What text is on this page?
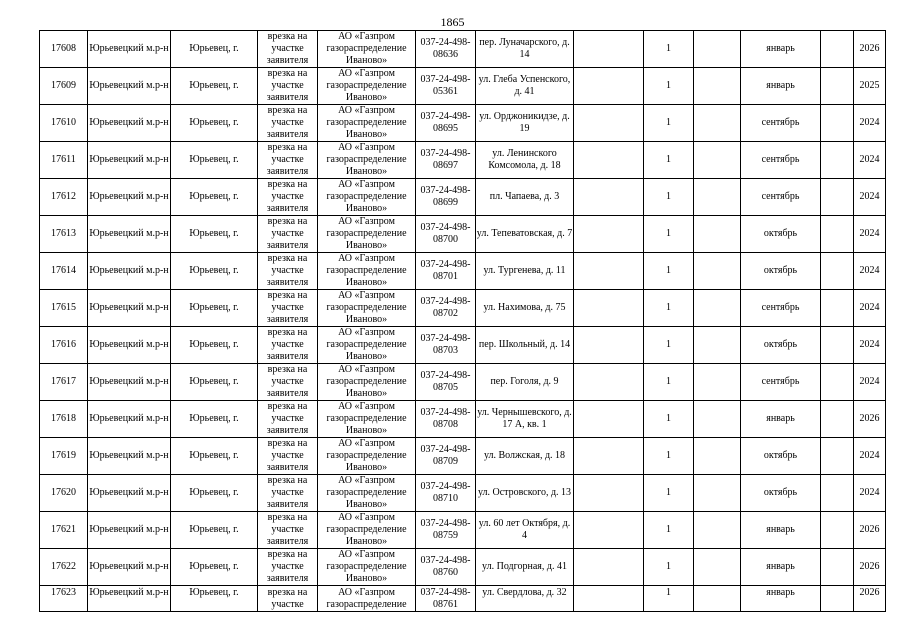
1865
17608	Юрьевецкий м.р-н	Юрьевец, г.	врезка на участке заявителя	АО «Газпром газораспределение Иваново»	037-24-498-08636	пер. Луначарского, д. 14		1		январь		2026
17609	Юрьевецкий м.р-н	Юрьевец, г.	врезка на участке заявителя	АО «Газпром газораспределение Иваново»	037-24-498-05361	ул. Глеба Успенского, д. 41		1		январь		2025
17610	Юрьевецкий м.р-н	Юрьевец, г.	врезка на участке заявителя	АО «Газпром газораспределение Иваново»	037-24-498-08695	ул. Орджоникидзе, д. 19		1		сентябрь		2024
17611	Юрьевецкий м.р-н	Юрьевец, г.	врезка на участке заявителя	АО «Газпром газораспределение Иваново»	037-24-498-08697	ул. Ленинского Комсомола, д. 18		1		сентябрь		2024
17612	Юрьевецкий м.р-н	Юрьевец, г.	врезка на участке заявителя	АО «Газпром газораспределение Иваново»	037-24-498-08699	пл. Чапаева, д. 3		1		сентябрь		2024
17613	Юрьевецкий м.р-н	Юрьевец, г.	врезка на участке заявителя	АО «Газпром газораспределение Иваново»	037-24-498-08700	ул. Тепеватовская, д. 7		1		октябрь		2024
17614	Юрьевецкий м.р-н	Юрьевец, г.	врезка на участке заявителя	АО «Газпром газораспределение Иваново»	037-24-498-08701	ул. Тургенева, д. 11		1		октябрь		2024
17615	Юрьевецкий м.р-н	Юрьевец, г.	врезка на участке заявителя	АО «Газпром газораспределение Иваново»	037-24-498-08702	ул. Нахимова, д. 75		1		сентябрь		2024
17616	Юрьевецкий м.р-н	Юрьевец, г.	врезка на участке заявителя	АО «Газпром газораспределение Иваново»	037-24-498-08703	пер. Школьный, д. 14		1		октябрь		2024
17617	Юрьевецкий м.р-н	Юрьевец, г.	врезка на участке заявителя	АО «Газпром газораспределение Иваново»	037-24-498-08705	пер. Гоголя, д. 9		1		сентябрь		2024
17618	Юрьевецкий м.р-н	Юрьевец, г.	врезка на участке заявителя	АО «Газпром газораспределение Иваново»	037-24-498-08708	ул. Чернышевского, д. 17 А, кв. 1		1		январь		2026
17619	Юрьевецкий м.р-н	Юрьевец, г.	врезка на участке заявителя	АО «Газпром газораспределение Иваново»	037-24-498-08709	ул. Волжская, д. 18		1		октябрь		2024
17620	Юрьевецкий м.р-н	Юрьевец, г.	врезка на участке заявителя	АО «Газпром газораспределение Иваново»	037-24-498-08710	ул. Островского, д. 13		1		октябрь		2024
17621	Юрьевецкий м.р-н	Юрьевец, г.	врезка на участке заявителя	АО «Газпром газораспределение Иваново»	037-24-498-08759	ул. 60 лет Октября, д. 4		1		январь		2026
17622	Юрьевецкий м.р-н	Юрьевец, г.	врезка на участке заявителя	АО «Газпром газораспределение Иваново»	037-24-498-08760	ул. Подгорная, д. 41		1		январь		2026
17623	Юрьевецкий м.р-н	Юрьевец, г.	врезка на участке	АО «Газпром газораспределение	037-24-498-08761	ул. Свердлова, д. 32		1		январь		2026
